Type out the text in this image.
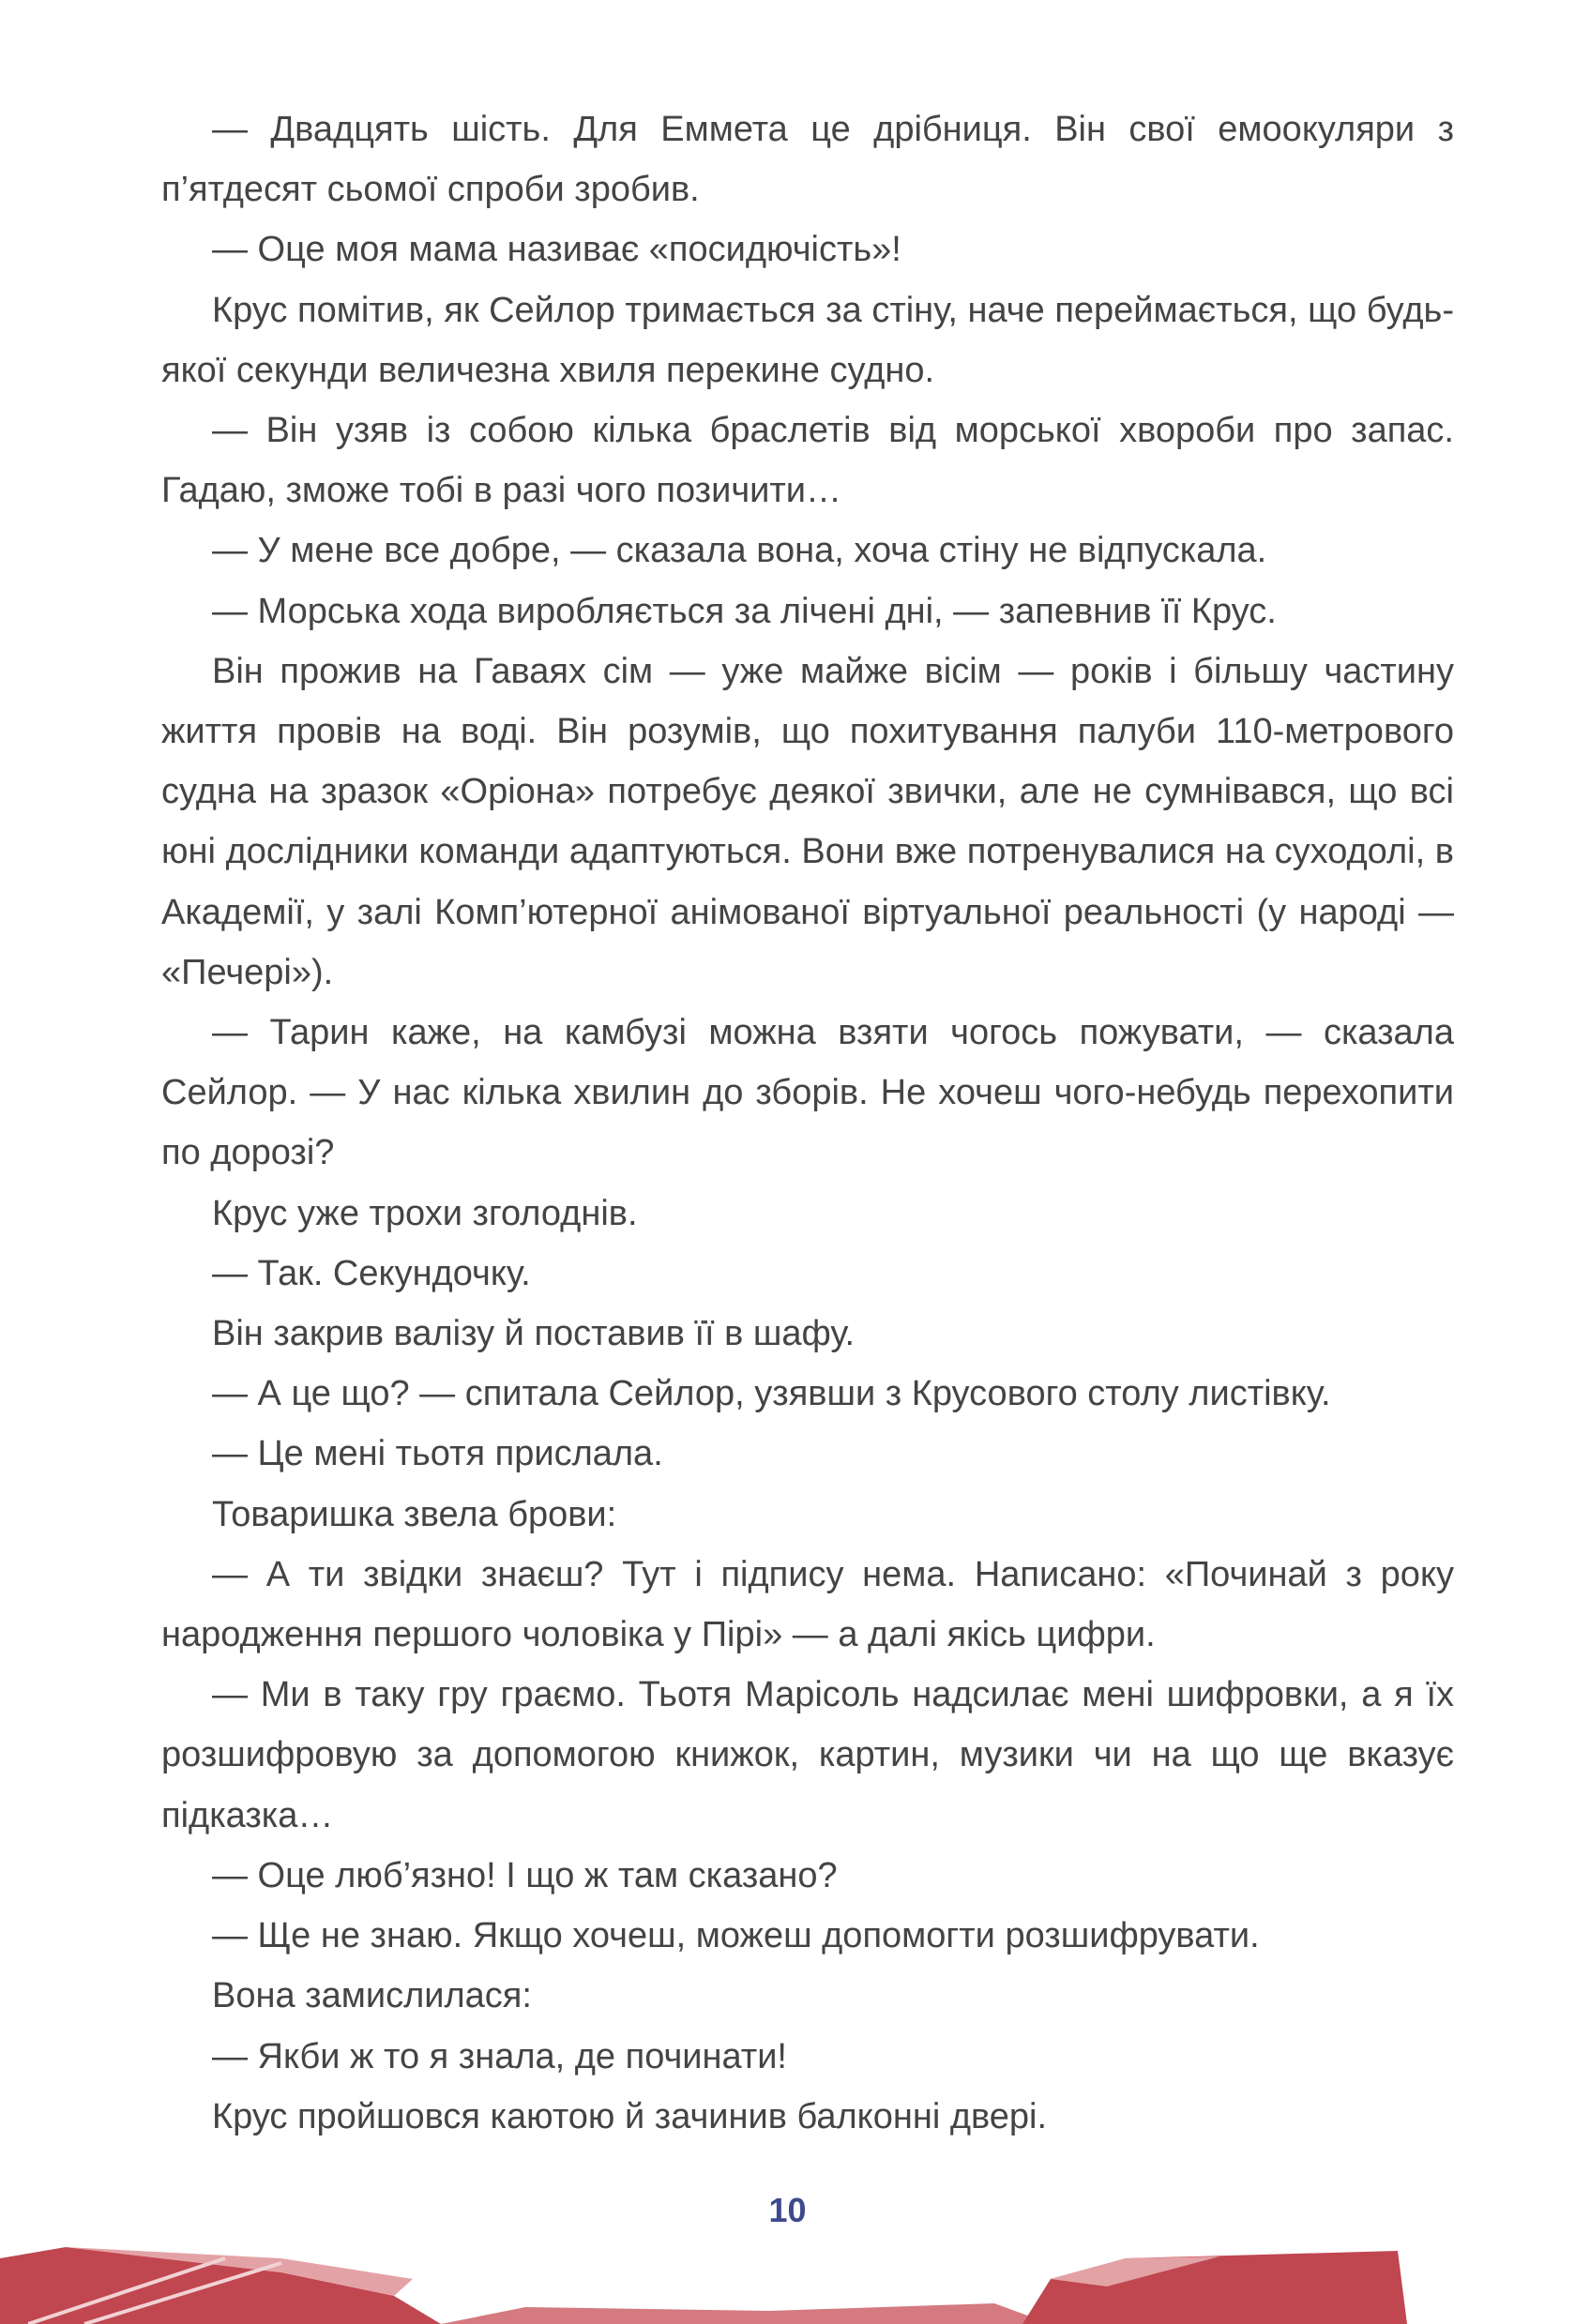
— Двадцять шість. Для Еммета це дрібниця. Він свої емоокуляри з п’ятдесят сьомої спроби зробив.

— Оце моя мама називає «посидючість»!

Крус помітив, як Сейлор тримається за стіну, наче переймається, що будь-якої секунди величезна хвиля перекине судно.

— Він узяв із собою кілька браслетів від морської хвороби про запас. Гадаю, зможе тобі в разі чого позичити…

— У мене все добре, — сказала вона, хоча стіну не відпускала.

— Морська хода виробляється за лічені дні, — запевнив її Крус.

Він прожив на Гаваях сім — уже майже вісім — років і більшу частину життя провів на воді. Він розумів, що похитування палуби 110-метрового судна на зразок «Оріона» потребує деякої звички, але не сумнівався, що всі юні дослідники команди адаптуються. Вони вже потренувалися на суходолі, в Академії, у залі Комп’ютерної анімованої віртуальної реальності (у народі — «Печері»).

— Тарин каже, на камбузі можна взяти чогось пожувати, — сказала Сейлор. — У нас кілька хвилин до зборів. Не хочеш чого-небудь перехопити по дорозі?

Крус уже трохи зголоднів.

— Так. Секундочку.

Він закрив валізу й поставив її в шафу.

— А це що? — спитала Сейлор, узявши з Крусового столу листівку.

— Це мені тьотя прислала.

Товаришка звела брови:

— А ти звідки знаєш? Тут і підпису нема. Написано: «Починай з року народження першого чоловіка у Пірі» — а далі якісь цифри.

— Ми в таку гру граємо. Тьотя Марісоль надсилає мені шифровки, а я їх розшифровую за допомогою книжок, картин, музики чи на що ще вказує підказка…

— Оце люб’язно! І що ж там сказано?

— Ще не знаю. Якщо хочеш, можеш допомогти розшифрувати.

Вона замислилася:

— Якби ж то я знала, де починати!

Крус пройшовся каютою й зачинив балконні двері.

10
